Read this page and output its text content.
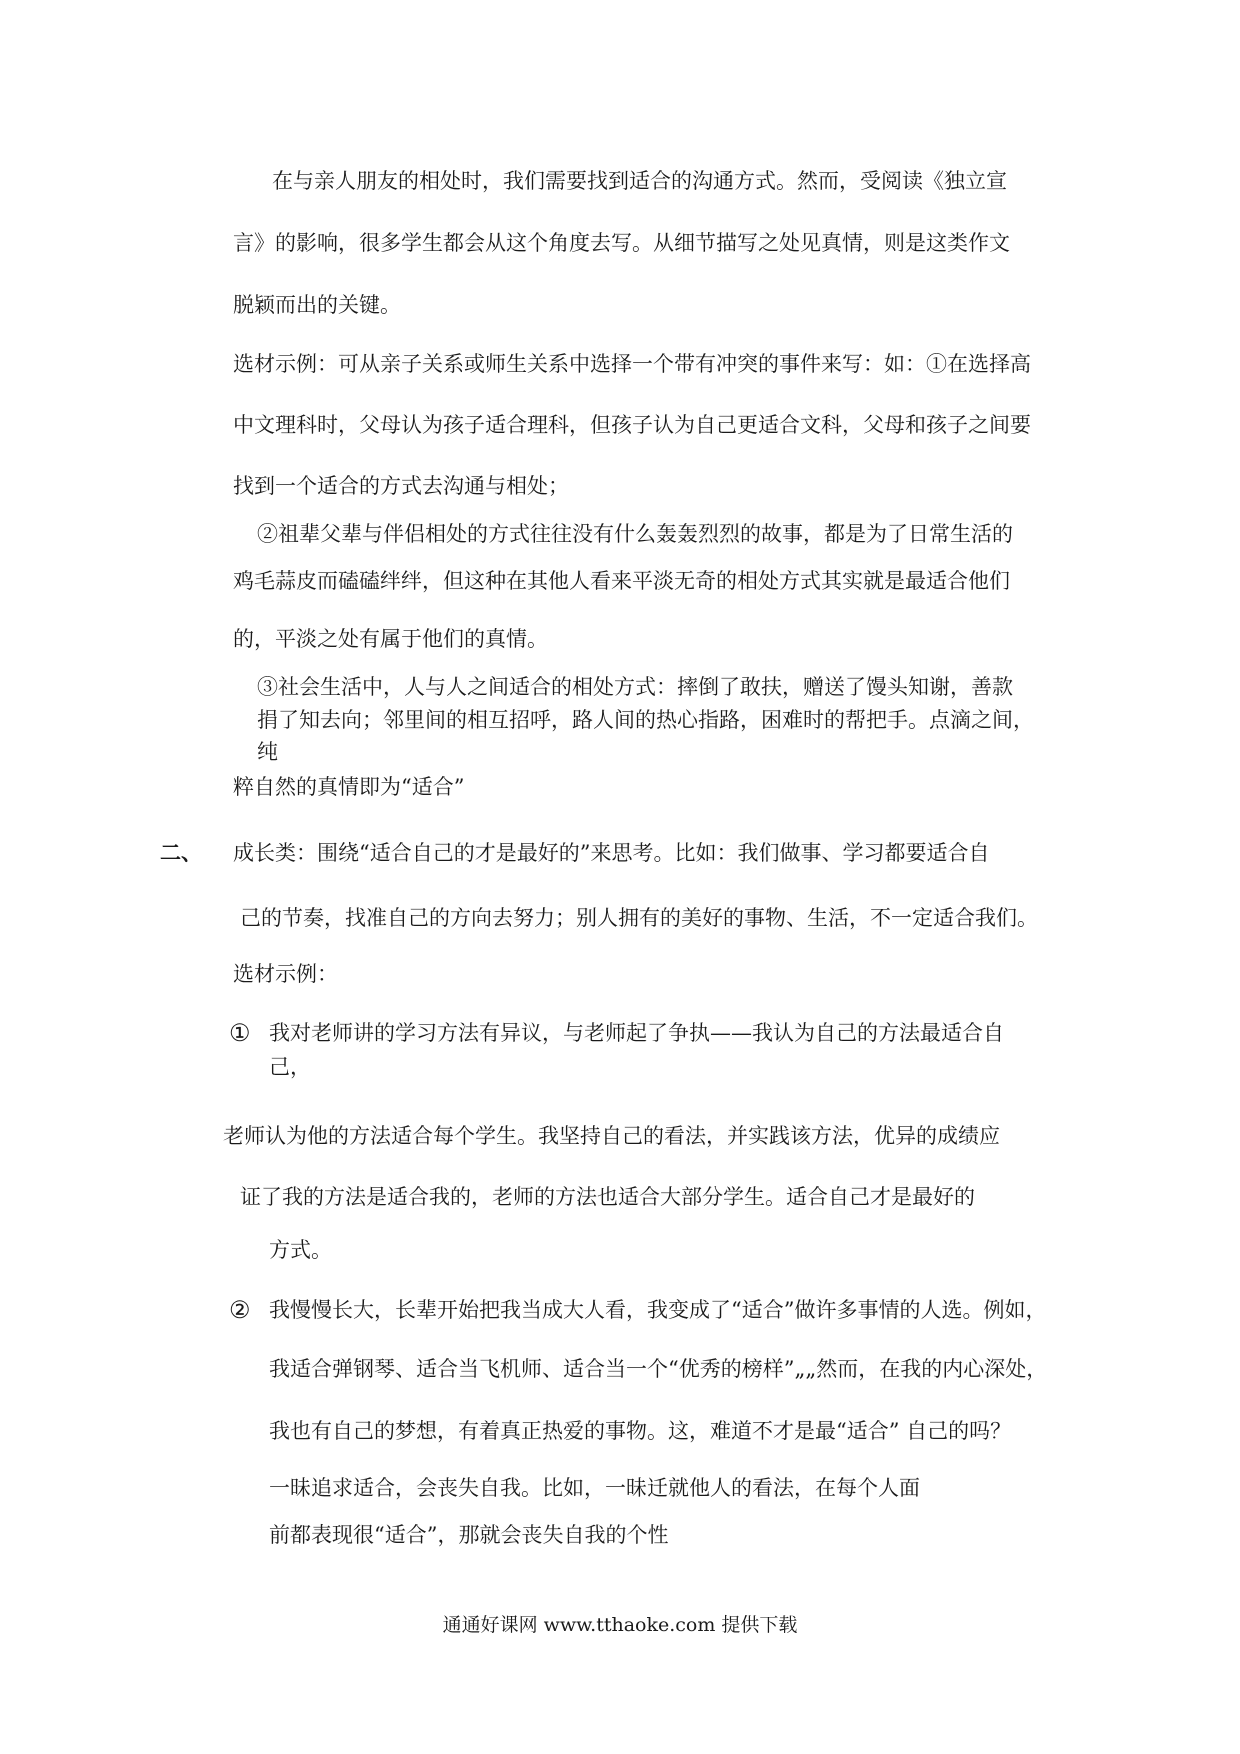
在与亲人朋友的相处时，我们需要找到适合的沟通方式。然而，受阅读《独立宣

言》的影响，很多学生都会从这个角度去写。从细节描写之处见真情，则是这类作文

脱颖而出的关键。

选材示例：可从亲子关系或师生关系中选择一个带有冲突的事件来写：如：①在选择高

中文理科时，父母认为孩子适合理科，但孩子认为自己更适合文科，父母和孩子之间要

找到一个适合的方式去沟通与相处；

②祖辈父辈与伴侣相处的方式往往没有什么轰轰烈烈的故事，都是为了日常生活的

鸡毛蒜皮而磕磕绊绊，但这种在其他人看来平淡无奇的相处方式其实就是最适合他们

的，平淡之处有属于他们的真情。

③社会生活中，人与人之间适合的相处方式：摔倒了敢扶，赠送了馒头知谢，善款

捐了知去向；邻里间的相互招呼，路人间的热心指路，困难时的帮把手。点滴之间，

纯

粹自然的真情即为“适合”

二、 成长类：围绕“适合自己的才是最好的”来思考。比如：我们做事、学习都要适合自

己的节奏，找准自己的方向去努力；别人拥有的美好的事物、生活，不一定适合我们。

选材示例：

① 我对老师讲的学习方法有异议，与老师起了争执——我认为自己的方法最适合自

己，

老师认为他的方法适合每个学生。我坚持自己的看法，并实践该方法，优异的成绩应

证了我的方法是适合我的，老师的方法也适合大部分学生。适合自己才是最好的

方式。

② 我慢慢长大，长辈开始把我当成大人看，我变成了“适合”做许多事情的人选。例如，

我适合弹钢琴、适合当飞机师、适合当一个“优秀的榜样”„„然而，在我的内心深处，

我也有自己的梦想，有着真正热爱的事物。这，难道不才是最“适合” 自己的吗？

一昧追求适合，会丧失自我。比如，一昧迁就他人的看法，在每个人面

前都表现很“适合”，那就会丧失自我的个性

通通好课网 www.tthaoke.com 提供下载
